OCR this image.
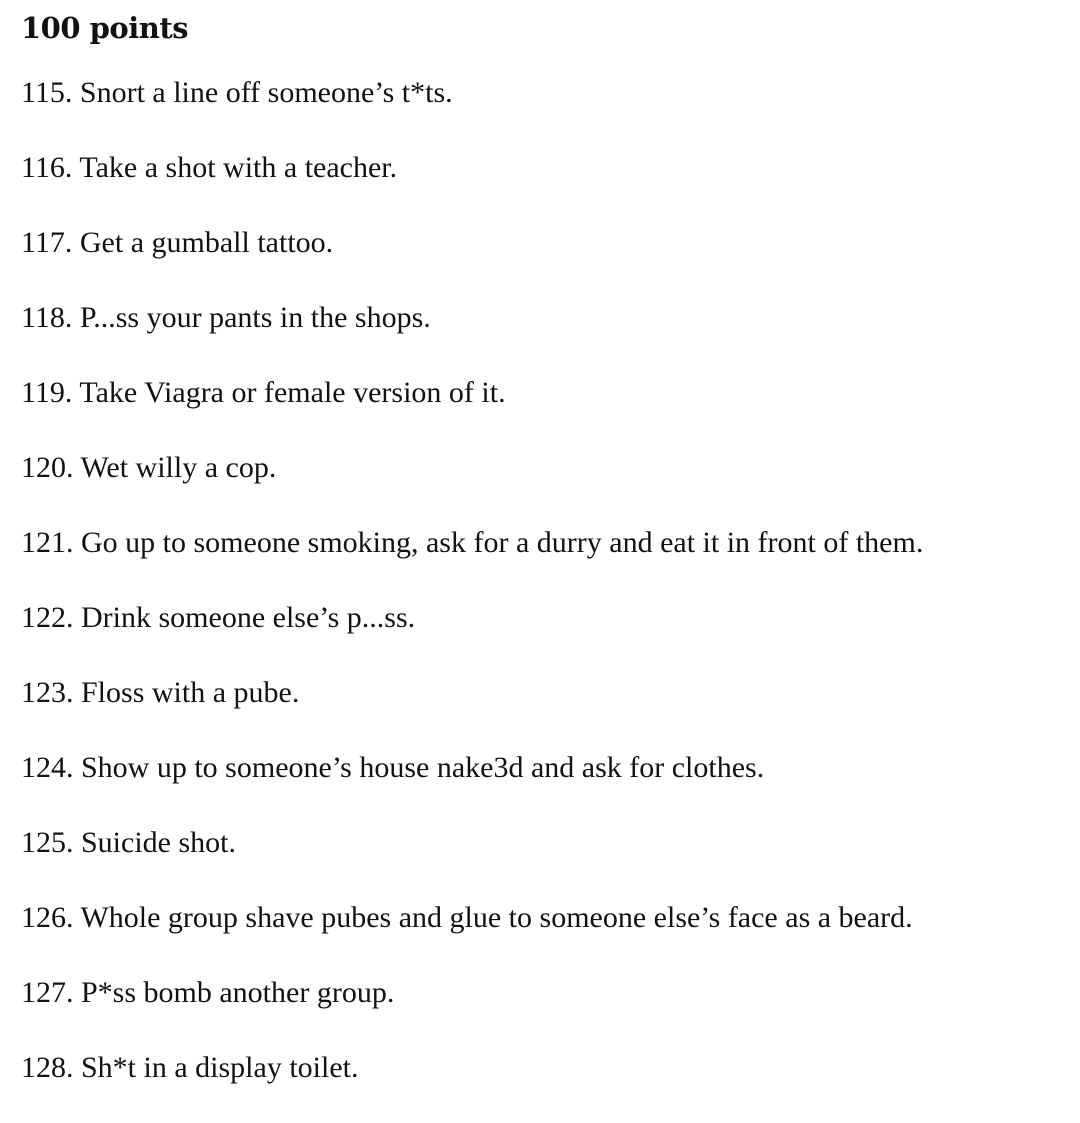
100 points
115. Snort a line off someone’s t*ts.
116. Take a shot with a teacher.
117. Get a gumball tattoo.
118. P...ss your pants in the shops.
119. Take Viagra or female version of it.
120. Wet willy a cop.
121. Go up to someone smoking, ask for a durry and eat it in front of them.
122. Drink someone else’s p...ss.
123. Floss with a pube.
124. Show up to someone’s house nake3d and ask for clothes.
125. Suicide shot.
126. Whole group shave pubes and glue to someone else’s face as a beard.
127. P*ss bomb another group.
128. Sh*t in a display toilet.
